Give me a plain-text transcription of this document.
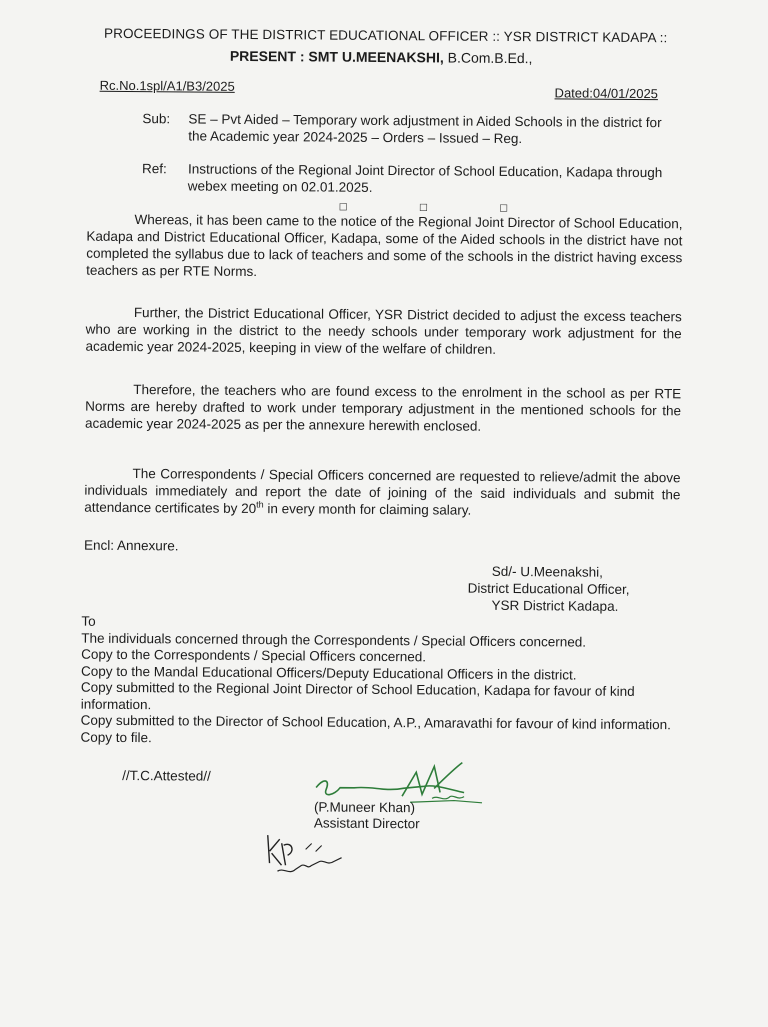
PROCEEDINGS OF THE DISTRICT EDUCATIONAL OFFICER :: YSR DISTRICT KADAPA ::
PRESENT : SMT U.MEENAKSHI, B.Com.B.Ed.,
Rc.No.1spl/A1/B3/2025	Dated:04/01/2025
Sub: SE – Pvt Aided – Temporary work adjustment in Aided Schools in the district for the Academic year 2024-2025 – Orders – Issued – Reg.
Ref: Instructions of the Regional Joint Director of School Education, Kadapa through webex meeting on 02.01.2025.
◻ ◻ ◻
Whereas, it has been came to the notice of the Regional Joint Director of School Education, Kadapa and District Educational Officer, Kadapa, some of the Aided schools in the district have not completed the syllabus due to lack of teachers and some of the schools in the district having excess teachers as per RTE Norms.
Further, the District Educational Officer, YSR District decided to adjust the excess teachers who are working in the district to the needy schools under temporary work adjustment for the academic year 2024-2025, keeping in view of the welfare of children.
Therefore, the teachers who are found excess to the enrolment in the school as per RTE Norms are hereby drafted to work under temporary adjustment in the mentioned schools for the academic year 2024-2025 as per the annexure herewith enclosed.
The Correspondents / Special Officers concerned are requested to relieve/admit the above individuals immediately and report the date of joining of the said individuals and submit the attendance certificates by 20th in every month for claiming salary.
Encl: Annexure.
Sd/- U.Meenakshi,
District Educational Officer,
YSR District Kadapa.
To
The individuals concerned through the Correspondents / Special Officers concerned.
Copy to the Correspondents / Special Officers concerned.
Copy to the Mandal Educational Officers/Deputy Educational Officers in the district.
Copy submitted to the Regional Joint Director of School Education, Kadapa for favour of kind information.
Copy submitted to the Director of School Education, A.P., Amaravathi for favour of kind information.
Copy to file.
//T.C.Attested//
(P.Muneer Khan)
Assistant Director
